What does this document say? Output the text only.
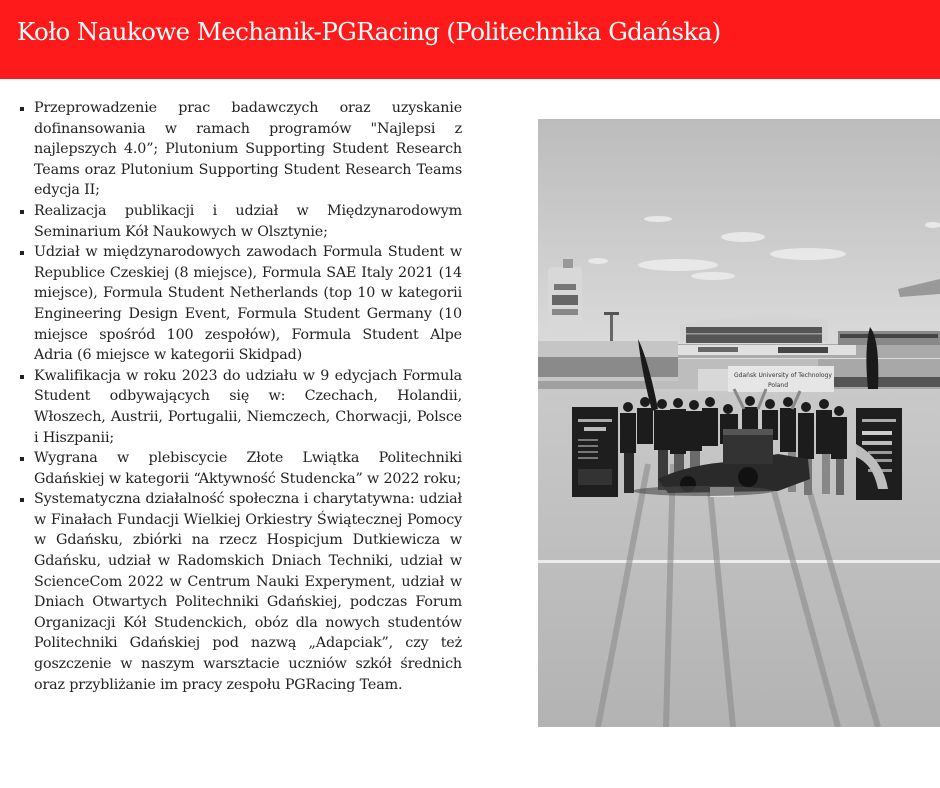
Koło Naukowe Mechanik-PGRacing (Politechnika Gdańska)
Przeprowadzenie prac badawczych oraz uzyskanie dofinansowania w ramach programów "Najlepsi z najlepszych 4.0”; Plutonium Supporting Student Research Teams oraz Plutonium Supporting Student Research Teams edycja II;
Realizacja publikacji i udział w Międzynarodowym Seminarium Kół Naukowych w Olsztynie;
Udział w międzynarodowych zawodach Formula Student w Republice Czeskiej (8 miejsce), Formula SAE Italy 2021 (14 miejsce), Formula Student Netherlands (top 10 w kategorii Engineering Design Event, Formula Student Germany (10 miejsce spośród 100 zespołów), Formula Student Alpe Adria (6 miejsce w kategorii Skidpad)
Kwalifikacja w roku 2023 do udziału w 9 edycjach Formula Student odbywających się w: Czechach, Holandii, Włoszech, Austrii, Portugalii, Niemczech, Chorwacji, Polsce i Hiszpanii;
Wygrana w plebiscycie Złote Lwiątka Politechniki Gdańskiej w kategorii “Aktywność Studencka” w 2022 roku;
Systematyczna działalność społeczna i charytatywna: udział w Finałach Fundacji Wielkiej Orkiestry Świątecznej Pomocy w Gdańsku, zbiórki na rzecz Hospicjum Dutkiewicza w Gdańsku, udział w Radomskich Dniach Techniki, udział w ScienceCom 2022 w Centrum Nauki Experyment, udział w Dniach Otwartych Politechniki Gdańskiej, podczas Forum Organizacji Kół Studenckich, obóz dla nowych studentów Politechniki Gdańskiej pod nazwą „Adapciak”, czy też goszczenie w naszym warsztacie uczniów szkół średnich oraz przybliżanie im pracy zespołu PGRacing Team.
Gdańsk University of Technology
Poland
